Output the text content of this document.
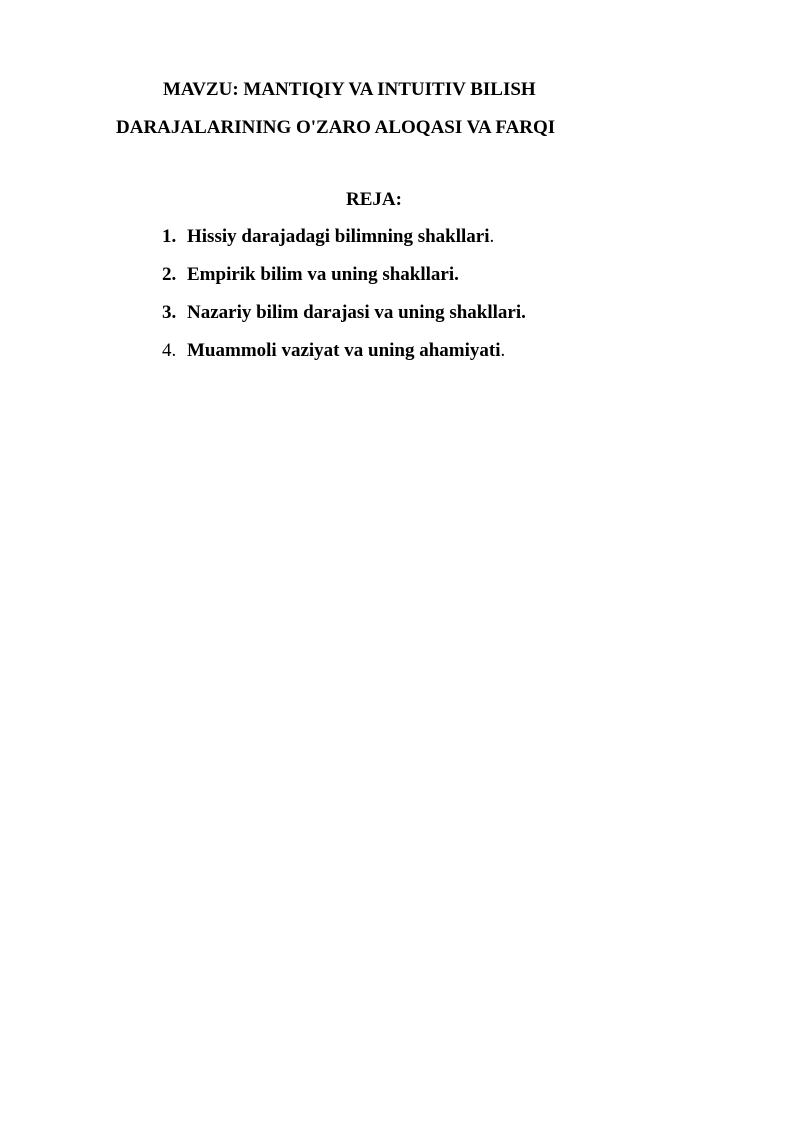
MAVZU: MANTIQIY VA INTUITIV BILISH
DARAJALARINING O'ZARO ALOQASI VA FARQI
REJA:
1. Hissiy darajadagi bilimning shakllari .
2. Empirik bilim va uning shakllari.
3. Nazariy bilim darajasi va uning shakllari.
4. Muammoli vaziyat va uning ahamiyati .
